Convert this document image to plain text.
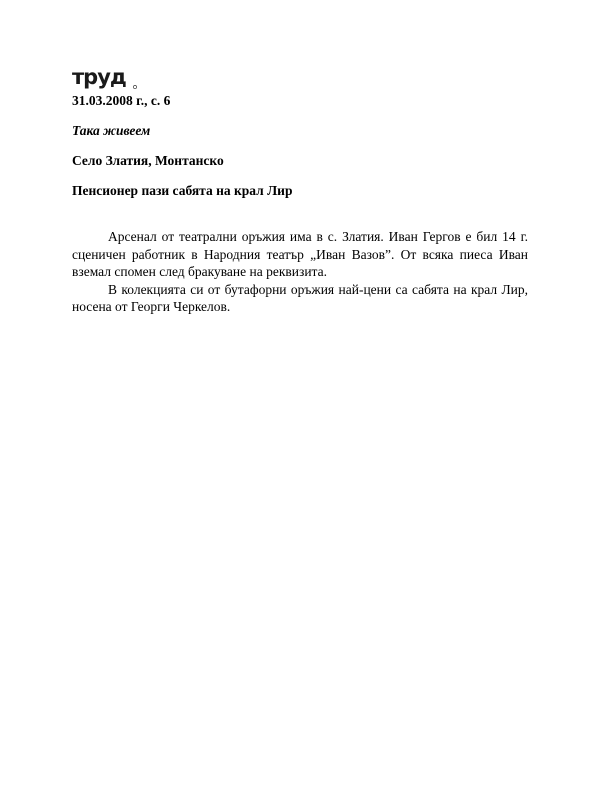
труд

31.03.2008 г., с. 6

Така живеем

Село Златия, Монтанско

Пенсионер пази сабята на крал Лир

Арсенал от театрални оръжия има в с. Златия. Иван Гергов е бил 14 г. сценичен работник в Народния театър „Иван Вазов”. От всяка пиеса Иван вземал спомен след бракуване на реквизита.

В колекцията си от бутафорни оръжия най-цени са сабята на крал Лир, носена от Георги Черкелов.
